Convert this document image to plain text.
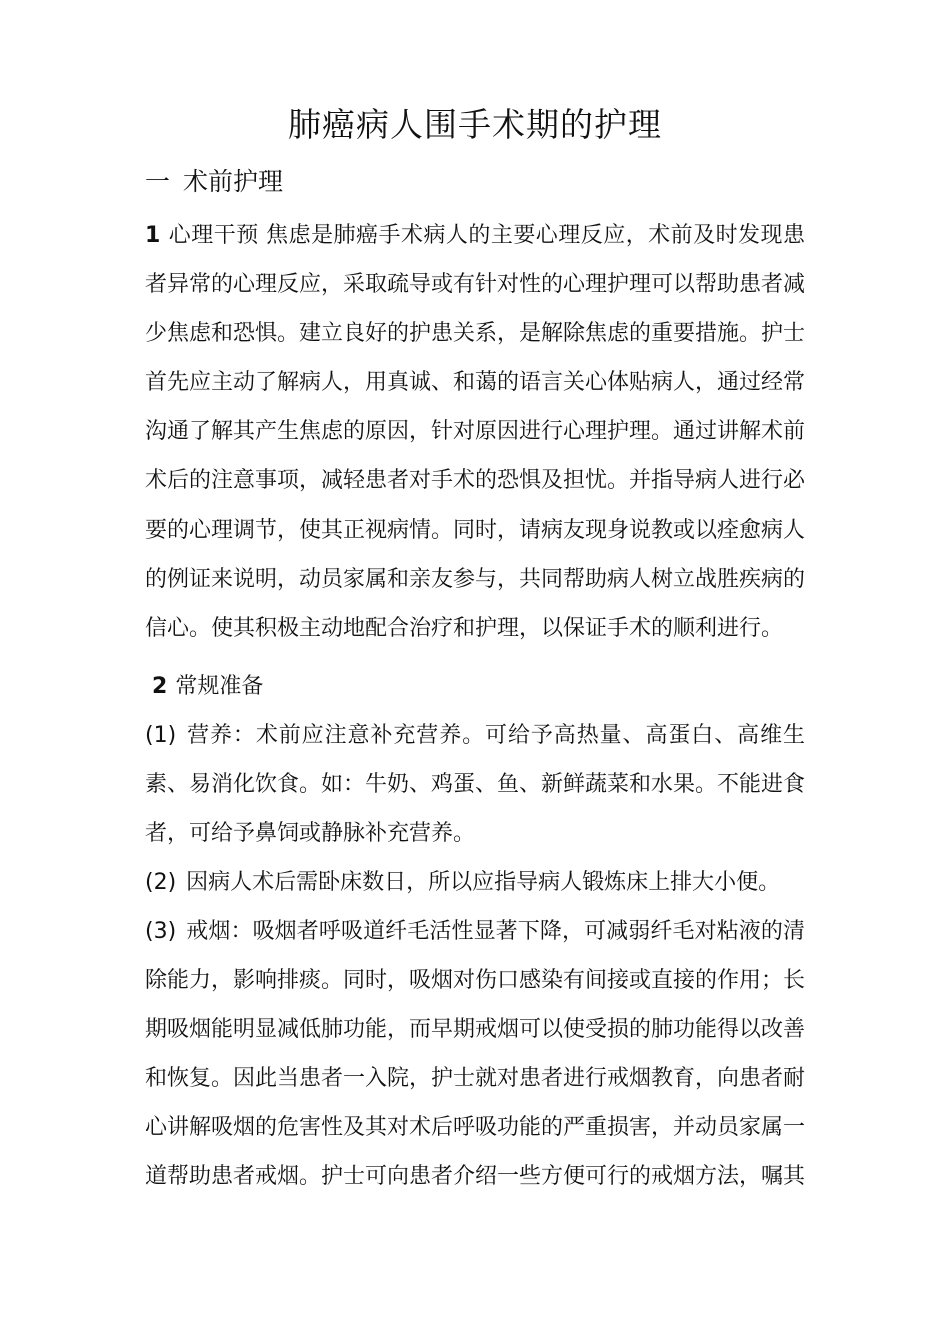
肺癌病人围手术期的护理
一 术前护理
1 心理干预 焦虑是肺癌手术病人的主要心理反应，术前及时发现患者异常的心理反应，采取疏导或有针对性的心理护理可以帮助患者减少焦虑和恐惧。建立良好的护患关系，是解除焦虑的重要措施。护士首先应主动了解病人，用真诚、和蔼的语言关心体贴病人，通过经常沟通了解其产生焦虑的原因，针对原因进行心理护理。通过讲解术前术后的注意事项，减轻患者对手术的恐惧及担忧。并指导病人进行必要的心理调节，使其正视病情。同时，请病友现身说教或以痊愈病人的例证来说明，动员家属和亲友参与，共同帮助病人树立战胜疾病的信心。使其积极主动地配合治疗和护理，以保证手术的顺利进行。
2 常规准备
(1) 营养：术前应注意补充营养。可给予高热量、高蛋白、高维生素、易消化饮食。如：牛奶、鸡蛋、鱼、新鲜蔬菜和水果。不能进食者，可给予鼻饲或静脉补充营养。
(2) 因病人术后需卧床数日，所以应指导病人锻炼床上排大小便。
(3) 戒烟：吸烟者呼吸道纤毛活性显著下降，可减弱纤毛对粘液的清除能力，影响排痰。同时，吸烟对伤口感染有间接或直接的作用；长期吸烟能明显减低肺功能，而早期戒烟可以使受损的肺功能得以改善和恢复。因此当患者一入院，护士就对患者进行戒烟教育，向患者耐心讲解吸烟的危害性及其对术后呼吸功能的严重损害，并动员家属一道帮助患者戒烟。护士可向患者介绍一些方便可行的戒烟方法，嘱其
